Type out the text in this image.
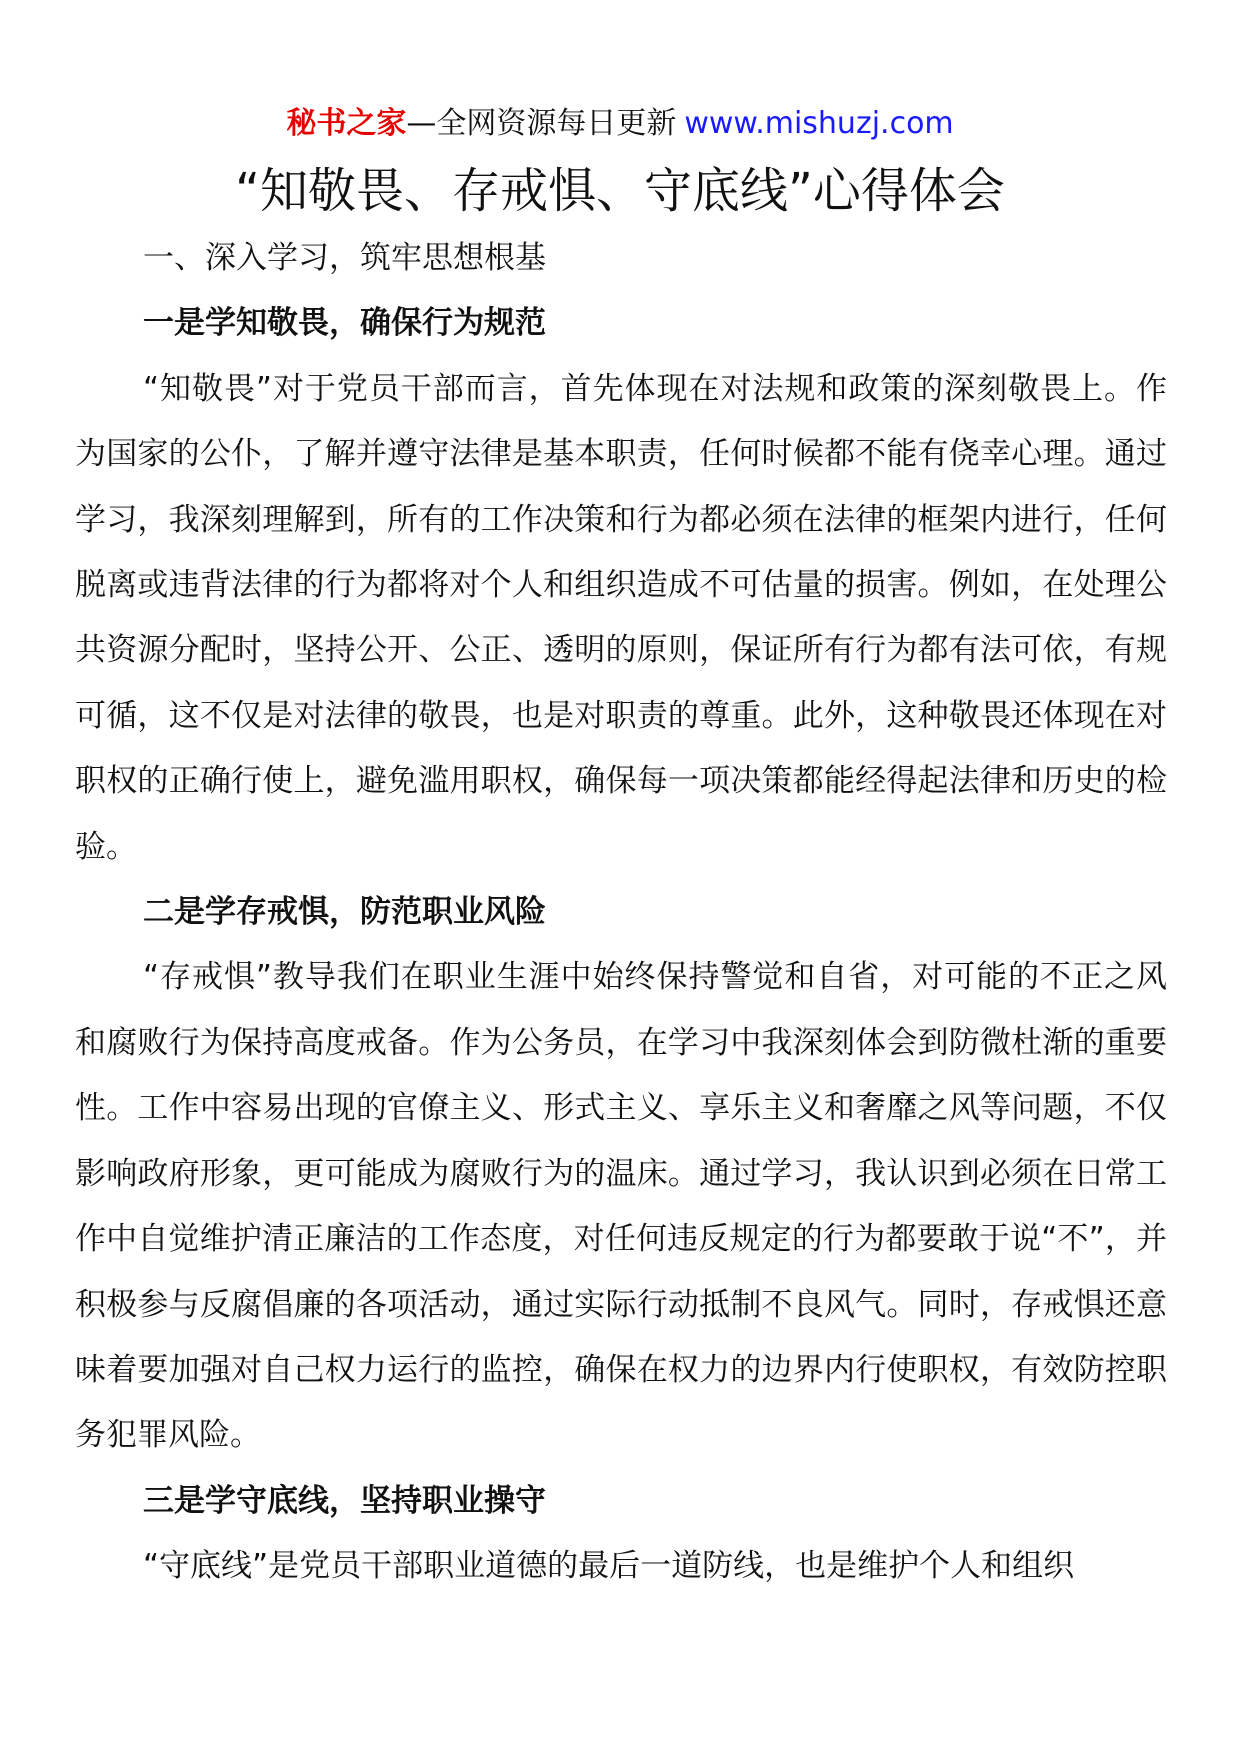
秘书之家—全网资源每日更新 www.mishuzj.com
“知敬畏、存戒惧、守底线”心得体会

一、深入学习，筑牢思想根基

一是学知敬畏，确保行为规范

“知敬畏”对于党员干部而言，首先体现在对法规和政策的深刻敬畏上。作为国家的公仆，了解并遵守法律是基本职责，任何时候都不能有侥幸心理。通过学习，我深刻理解到，所有的工作决策和行为都必须在法律的框架内进行，任何脱离或违背法律的行为都将对个人和组织造成不可估量的损害。例如，在处理公共资源分配时，坚持公开、公正、透明的原则，保证所有行为都有法可依，有规可循，这不仅是对法律的敬畏，也是对职责的尊重。此外，这种敬畏还体现在对职权的正确行使上，避免滥用职权，确保每一项决策都能经得起法律和历史的检验。

二是学存戒惧，防范职业风险

“存戒惧”教导我们在职业生涯中始终保持警觉和自省，对可能的不正之风和腐败行为保持高度戒备。作为公务员，在学习中我深刻体会到防微杜渐的重要性。工作中容易出现的官僚主义、形式主义、享乐主义和奢靡之风等问题，不仅影响政府形象，更可能成为腐败行为的温床。通过学习，我认识到必须在日常工作中自觉维护清正廉洁的工作态度，对任何违反规定的行为都要敢于说“不”，并积极参与反腐倡廉的各项活动，通过实际行动抵制不良风气。同时，存戒惧还意味着要加强对自己权力运行的监控，确保在权力的边界内行使职权，有效防控职务犯罪风险。

三是学守底线，坚持职业操守

“守底线”是党员干部职业道德的最后一道防线，也是维护个人和组织
